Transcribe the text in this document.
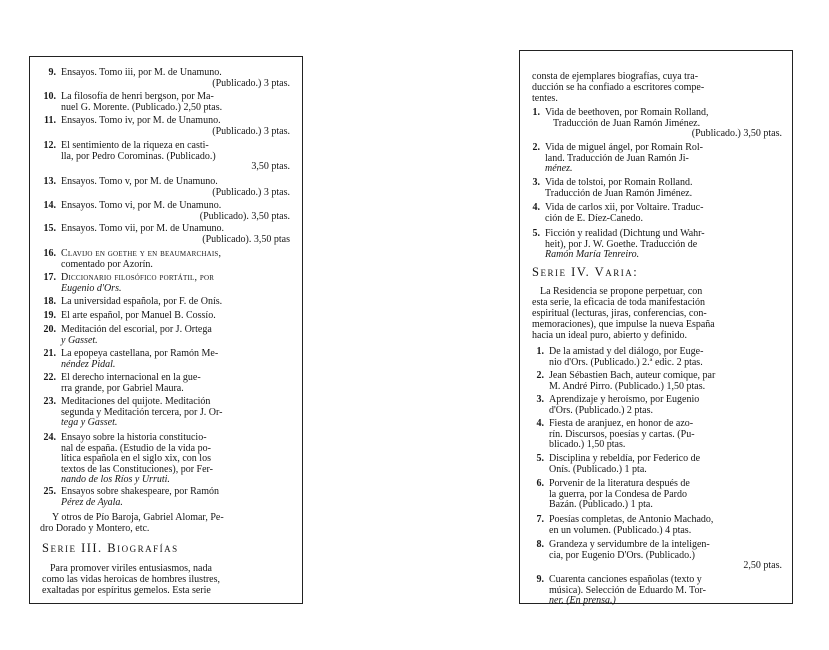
9. Ensayos. Tomo iii, por M. de Unamuno.
(Publicado.) 3 ptas.
10. La filosofía de henri bergson, por Ma-
nuel G. Morente. (Publicado.) 2,50 ptas.
11. Ensayos. Tomo iv, por M. de Unamuno.
(Publicado.) 3 ptas.
12. El sentimiento de la riqueza en casti-
lla, por Pedro Corominas. (Publicado.)
3,50 ptas.
13. Ensayos. Tomo v, por M. de Unamuno.
(Publicado.) 3 ptas.
14. Ensayos. Tomo vi, por M. de Unamuno.
(Publicado). 3,50 ptas.
15. Ensayos. Tomo vii, por M. de Unamuno.
(Publicado). 3,50 ptas
16. Clavijo en goethe y en beaumarchais,
comentado por Azorín.
17. Diccionario filosófico portátil, por
Eugenio d'Ors.
18. La universidad española, por F. de Onís.
19. El arte español, por Manuel B. Cossío.
20. Meditación del escorial, por J. Ortega
y Gasset.
21. La epopeya castellana, por Ramón Me-
néndez Pidal.
22. El derecho internacional en la gue-
rra grande, por Gabriel Maura.
23. Meditaciones del quijote. Meditación
segunda y Meditación tercera, por J. Or-
tega y Gasset.
24. Ensayo sobre la historia constitucio-
nal de españa. (Estudio de la vida po-
lítica española en el siglo xix, con los
textos de las Constituciones), por Fer-
nando de los Ríos y Urruti.
25. Ensayos sobre shakespeare, por Ramón
Pérez de Ayala.
Y otros de Pío Baroja, Gabriel Alomar, Pe-
dro Dorado y Montero, etc.
Serie III. Biografías
Para promover viriles entusiasmos, nada
como las vidas heroicas de hombres ilustres,
exaltadas por espíritus gemelos. Esta serie
consta de ejemplares biografías, cuya tra-
ducción se ha confiado a escritores compe-
tentes.
1. Vida de beethoven, por Romain Rolland,
Traducción de Juan Ramón Jiménez.
(Publicado.) 3,50 ptas.
2. Vida de miguel ángel, por Romain Rol-
land. Traducción de Juan Ramón Ji-
ménez.
3. Vida de tolstoi, por Romain Rolland.
Traducción de Juan Ramón Jiménez.
4. Vida de carlos xii, por Voltaire. Traduc-
ción de E. Díez-Canedo.
5. Ficción y realidad (Dichtung und Wahr-
heit), por J. W. Goethe. Traducción de
Ramón María Tenreiro.
Serie IV. Varia:
La Residencia se propone perpetuar, con
esta serie, la eficacia de toda manifestación
espiritual (lecturas, jiras, conferencias, con-
memoraciones), que impulse la nueva España
hacia un ideal puro, abierto y definido.
1. De la amistad y del diálogo, por Euge-
nio d'Ors. (Publicado.) 2.ª edic. 2 ptas.
2. Jean Sébastien Bach, auteur comique, par
M. André Pirro. (Publicado.) 1,50 ptas.
3. Aprendizaje y heroísmo, por Eugenio
d'Ors. (Publicado.) 2 ptas.
4. Fiesta de aranjuez, en honor de azo-
rín. Discursos, poesías y cartas. (Pu-
blicado.) 1,50 ptas.
5. Disciplina y rebeldía, por Federico de
Onís. (Publicado.) 1 pta.
6. Porvenir de la literatura después de
la guerra, por la Condesa de Pardo
Bazán. (Publicado.) 1 pta.
7. Poesías completas, de Antonio Machado,
en un volumen. (Publicado.) 4 ptas.
8. Grandeza y servidumbre de la inteligen-
cia, por Eugenio D'Ors. (Publicado.)
2,50 ptas.
9. Cuarenta canciones españolas (texto y
música). Selección de Eduardo M. Tor-
ner. (En prensa.)
